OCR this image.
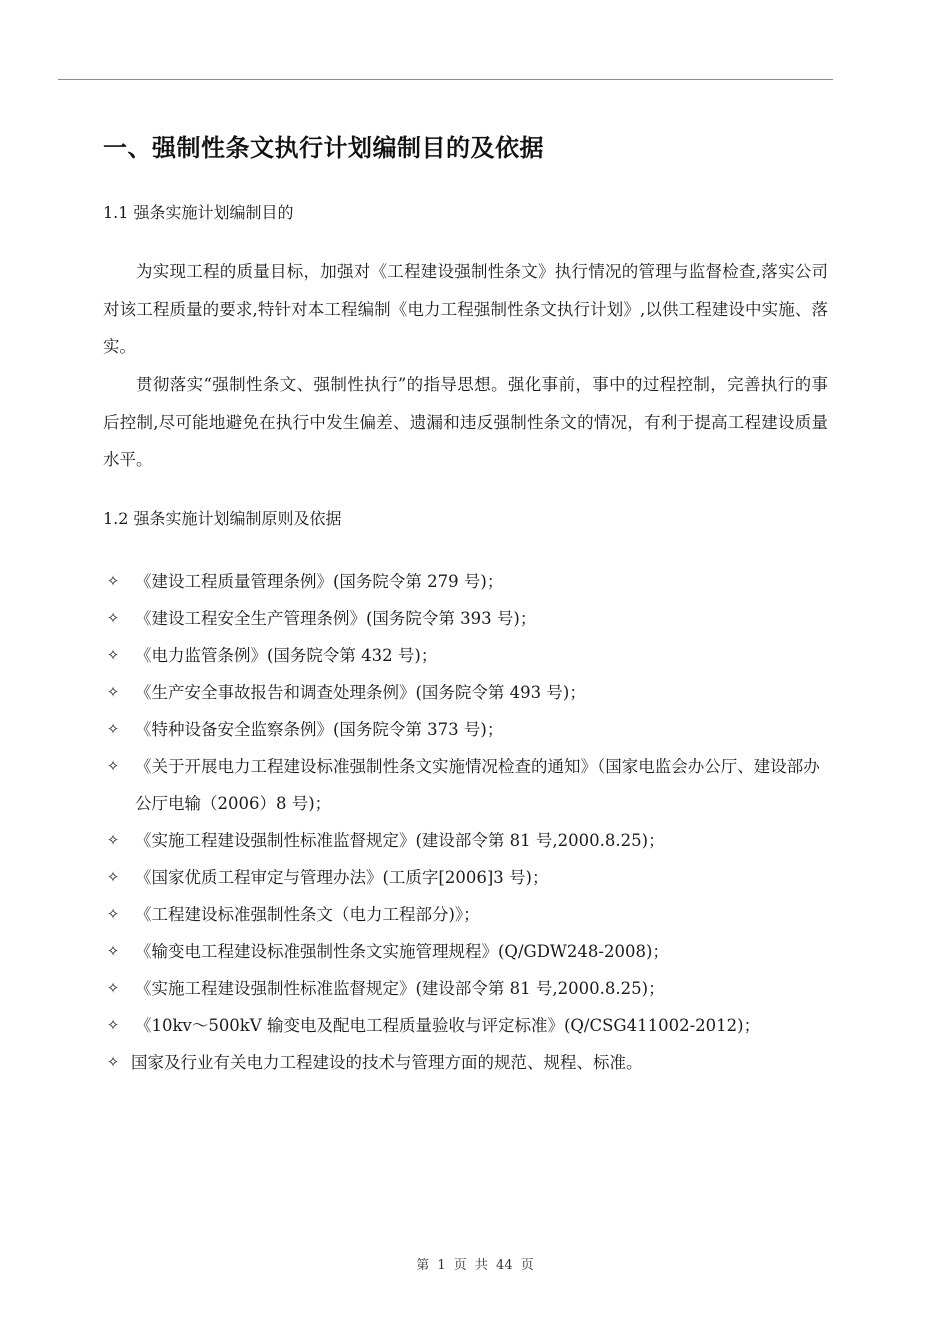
一、强制性条文执行计划编制目的及依据
1.1 强条实施计划编制目的

为实现工程的质量目标，加强对《工程建设强制性条文》执行情况的管理与监督检查,落实公司对该工程质量的要求,特针对本工程编制《电力工程强制性条文执行计划》,以供工程建设中实施、落实。

贯彻落实“强制性条文、强制性执行”的指导思想。强化事前，事中的过程控制，完善执行的事后控制,尽可能地避免在执行中发生偏差、遗漏和违反强制性条文的情况，有利于提高工程建设质量水平。

1.2 强条实施计划编制原则及依据
✧ 《建设工程质量管理条例》(国务院令第 279 号)；
✧ 《建设工程安全生产管理条例》(国务院令第 393 号)；
✧ 《电力监管条例》(国务院令第 432 号)；
✧ 《生产安全事故报告和调查处理条例》(国务院令第 493 号)；
✧ 《特种设备安全监察条例》(国务院令第 373 号)；
✧ 《关于开展电力工程建设标准强制性条文实施情况检查的通知》（国家电监会办公厅、建设部办公厅电输（2006）8 号)；
✧ 《实施工程建设强制性标准监督规定》(建设部令第 81 号,2000.8.25)；
✧ 《国家优质工程审定与管理办法》(工质字[2006]3 号)；
✧ 《工程建设标准强制性条文（电力工程部分)》；
✧ 《输变电工程建设标准强制性条文实施管理规程》(Q/GDW248-2008)；
✧ 《实施工程建设强制性标准监督规定》(建设部令第 81 号,2000.8.25)；
✧ 《10kv～500kV 输变电及配电工程质量验收与评定标准》(Q/CSG411002-2012)；
✧ 国家及行业有关电力工程建设的技术与管理方面的规范、规程、标准。
第 1 页 共 44 页
